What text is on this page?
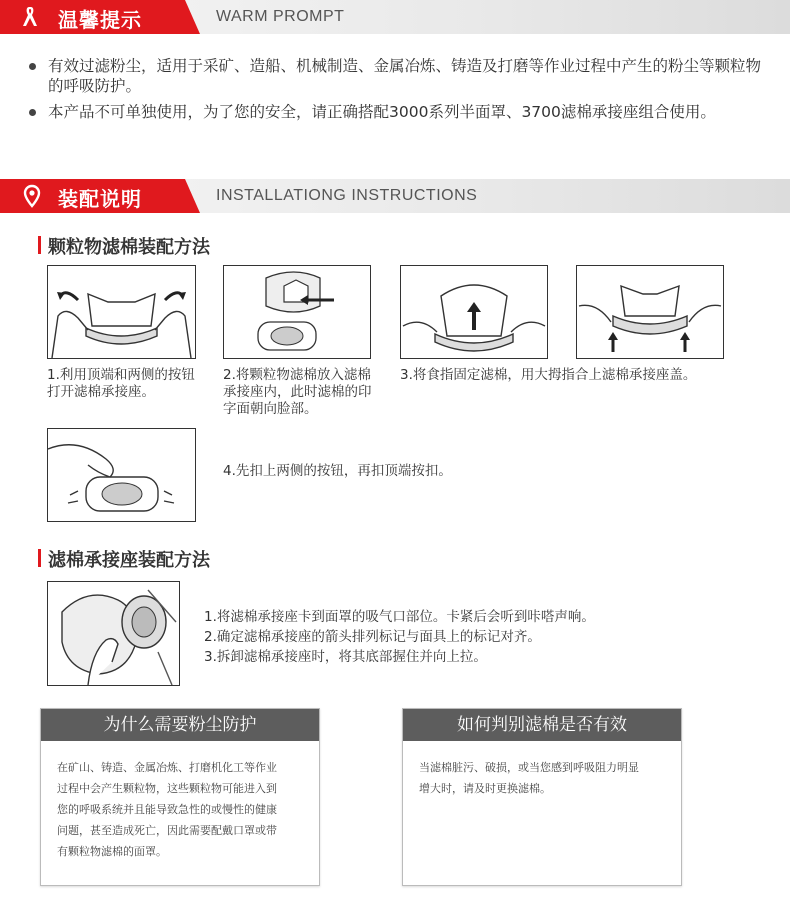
温馨提示	WARM PROMPT
有效过滤粉尘，适用于采矿、造船、机械制造、金属冶炼、铸造及打磨等作业过程中产生的粉尘等颗粒物的呼吸防护。
本产品不可单独使用，为了您的安全，请正确搭配3000系列半面罩、3700滤棉承接座组合使用。
装配说明	INSTALLATIONG INSTRUCTIONS
颗粒物滤棉装配方法
1.利用顶端和两侧的按钮打开滤棉承接座。
2.将颗粒物滤棉放入滤棉承接座内，此时滤棉的印字面朝向脸部。
3.将食指固定滤棉，用大拇指合上滤棉承接座盖。
4.先扣上两侧的按钮，再扣顶端按扣。
滤棉承接座装配方法
1.将滤棉承接座卡到面罩的吸气口部位。卡紧后会听到咔嗒声响。
2.确定滤棉承接座的箭头排列标记与面具上的标记对齐。
3.拆卸滤棉承接座时，将其底部握住并向上拉。
为什么需要粉尘防护
在矿山、铸造、金属冶炼、打磨机化工等作业
过程中会产生颗粒物，这些颗粒物可能进入到
您的呼吸系统并且能导致急性的或慢性的健康
问题，甚至造成死亡，因此需要配戴口罩或带
有颗粒物滤棉的面罩。
如何判别滤棉是否有效
当滤棉脏污、破损，或当您感到呼吸阻力明显
增大时，请及时更换滤棉。
